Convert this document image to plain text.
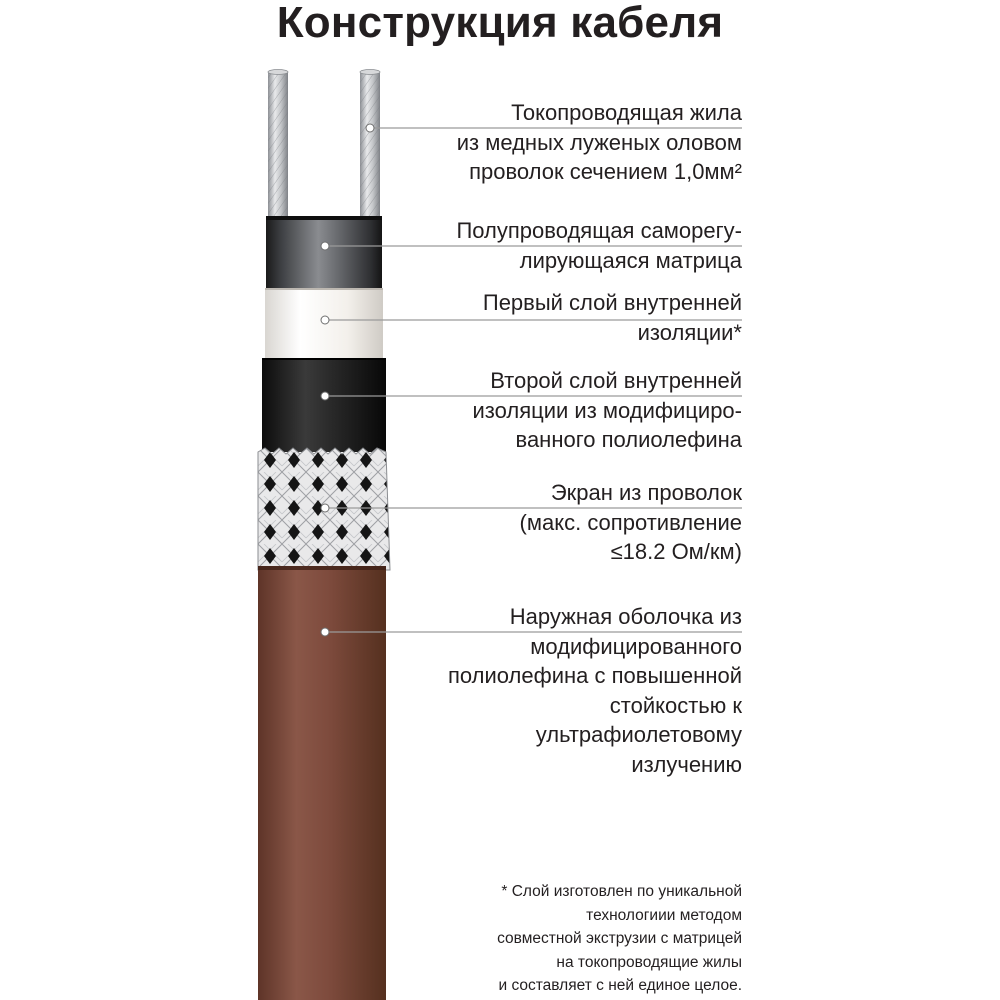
Конструкция кабеля
Токопроводящая жила
из медных луженых оловом
проволок сечением 1,0мм²
Полупроводящая саморегу-
лирующаяся матрица
Первый слой внутренней
изоляции*
Второй слой внутренней
изоляции из модифициро-
ванного полиолефина
Экран из проволок
(макс. сопротивление
≤18.2 Ом/км)
Наружная оболочка из
модифицированного
полиолефина с повышенной
стойкостью к
ультрафиолетовому
излучению
* Слой изготовлен по уникальной
технологиии методом
совместной экструзии с матрицей
на токопроводящие жилы
и составляет с ней единое целое.
